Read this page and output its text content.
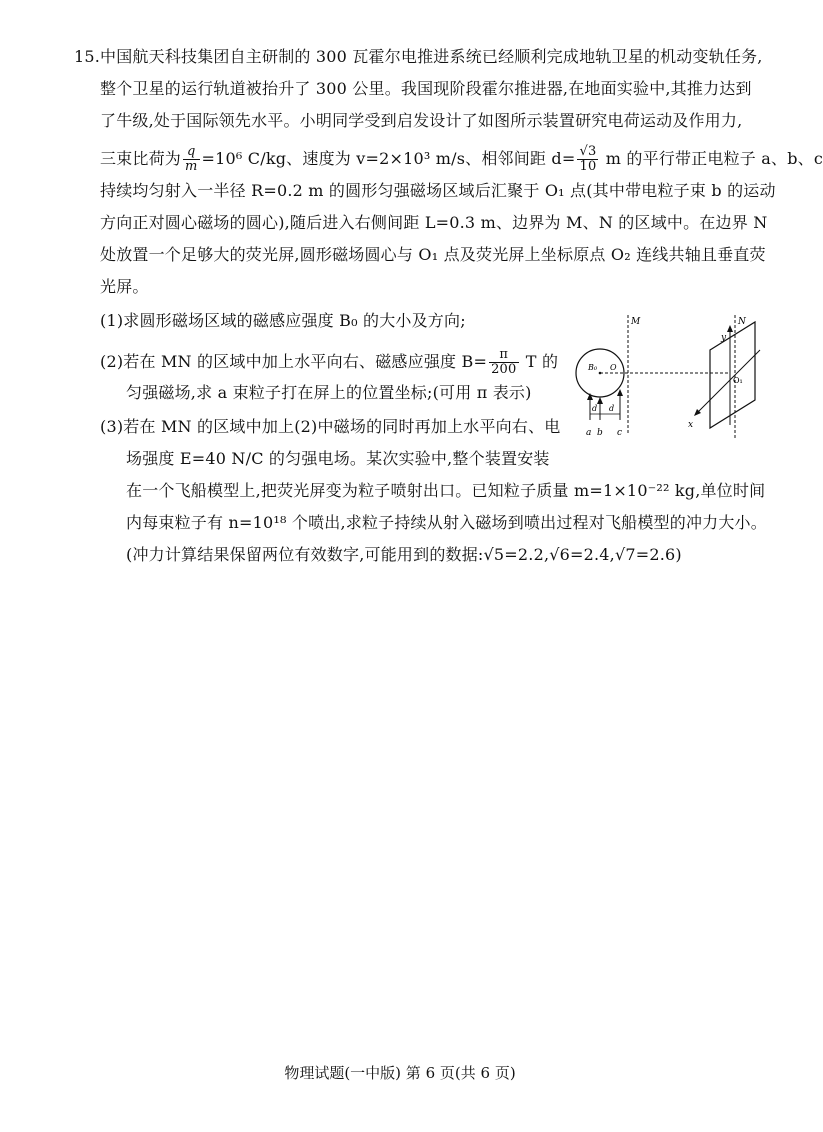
15. 中国航天科技集团自主研制的 300 瓦霍尔电推进系统已经顺利完成地轨卫星的机动变轨任务,
整个卫星的运行轨道被抬升了 300 公里。我国现阶段霍尔推进器,在地面实验中,其推力达到
了牛级,处于国际领先水平。小明同学受到启发设计了如图所示装置研究电荷运动及作用力,
三束比荷为 $\frac{q}{m} =10^6$ C/kg、速度为 v=2×10³ m/s、相邻间距 $d= \frac{√3}{10}$ m 的平行带正电粒子 a、b、c
持续均匀射入一半径 R=0.2 m 的圆形匀强磁场区域后汇聚于 O₁ 点(其中带电粒子束 b 的运动
方向正对圆心磁场的圆心),随后进入右侧间距 L=0.3 m、边界为 M、N 的区域中。在边界 N
处放置一个足够大的荧光屏,圆形磁场圆心与 O₁ 点及荧光屏上坐标原点 O₂ 连线共轴且垂直荧
光屏。
(1)求圆形磁场区域的磁感应强度 B₀ 的大小及方向;
(2)若在 MN 的区域中加上水平向右、磁感应强度 $B= \frac{\pi}{200}$ T 的
匀强磁场,求 a 束粒子打在屏上的位置坐标;(可用 π 表示)
(3)若在 MN 的区域中加上(2)中磁场的同时再加上水平向右、电
场强度 E=40 N/C 的匀强电场。某次实验中,整个装置安装
在一个飞船模型上,把荧光屏变为粒子喷射出口。已知粒子质量 m=1×10⁻²² kg,单位时间
内每束粒子有 n=10¹⁸ 个喷出,求粒子持续从射入磁场到喷出过程对飞船模型的冲力大小。
(冲力计算结果保留两位有效数字,可能用到的数据:√5=2.2,√6=2.4,√7=2.6)
M	N
y
x
O₁
B₀ O
d d
a b c
物理试题(一中版) 第 6 页(共 6 页)
